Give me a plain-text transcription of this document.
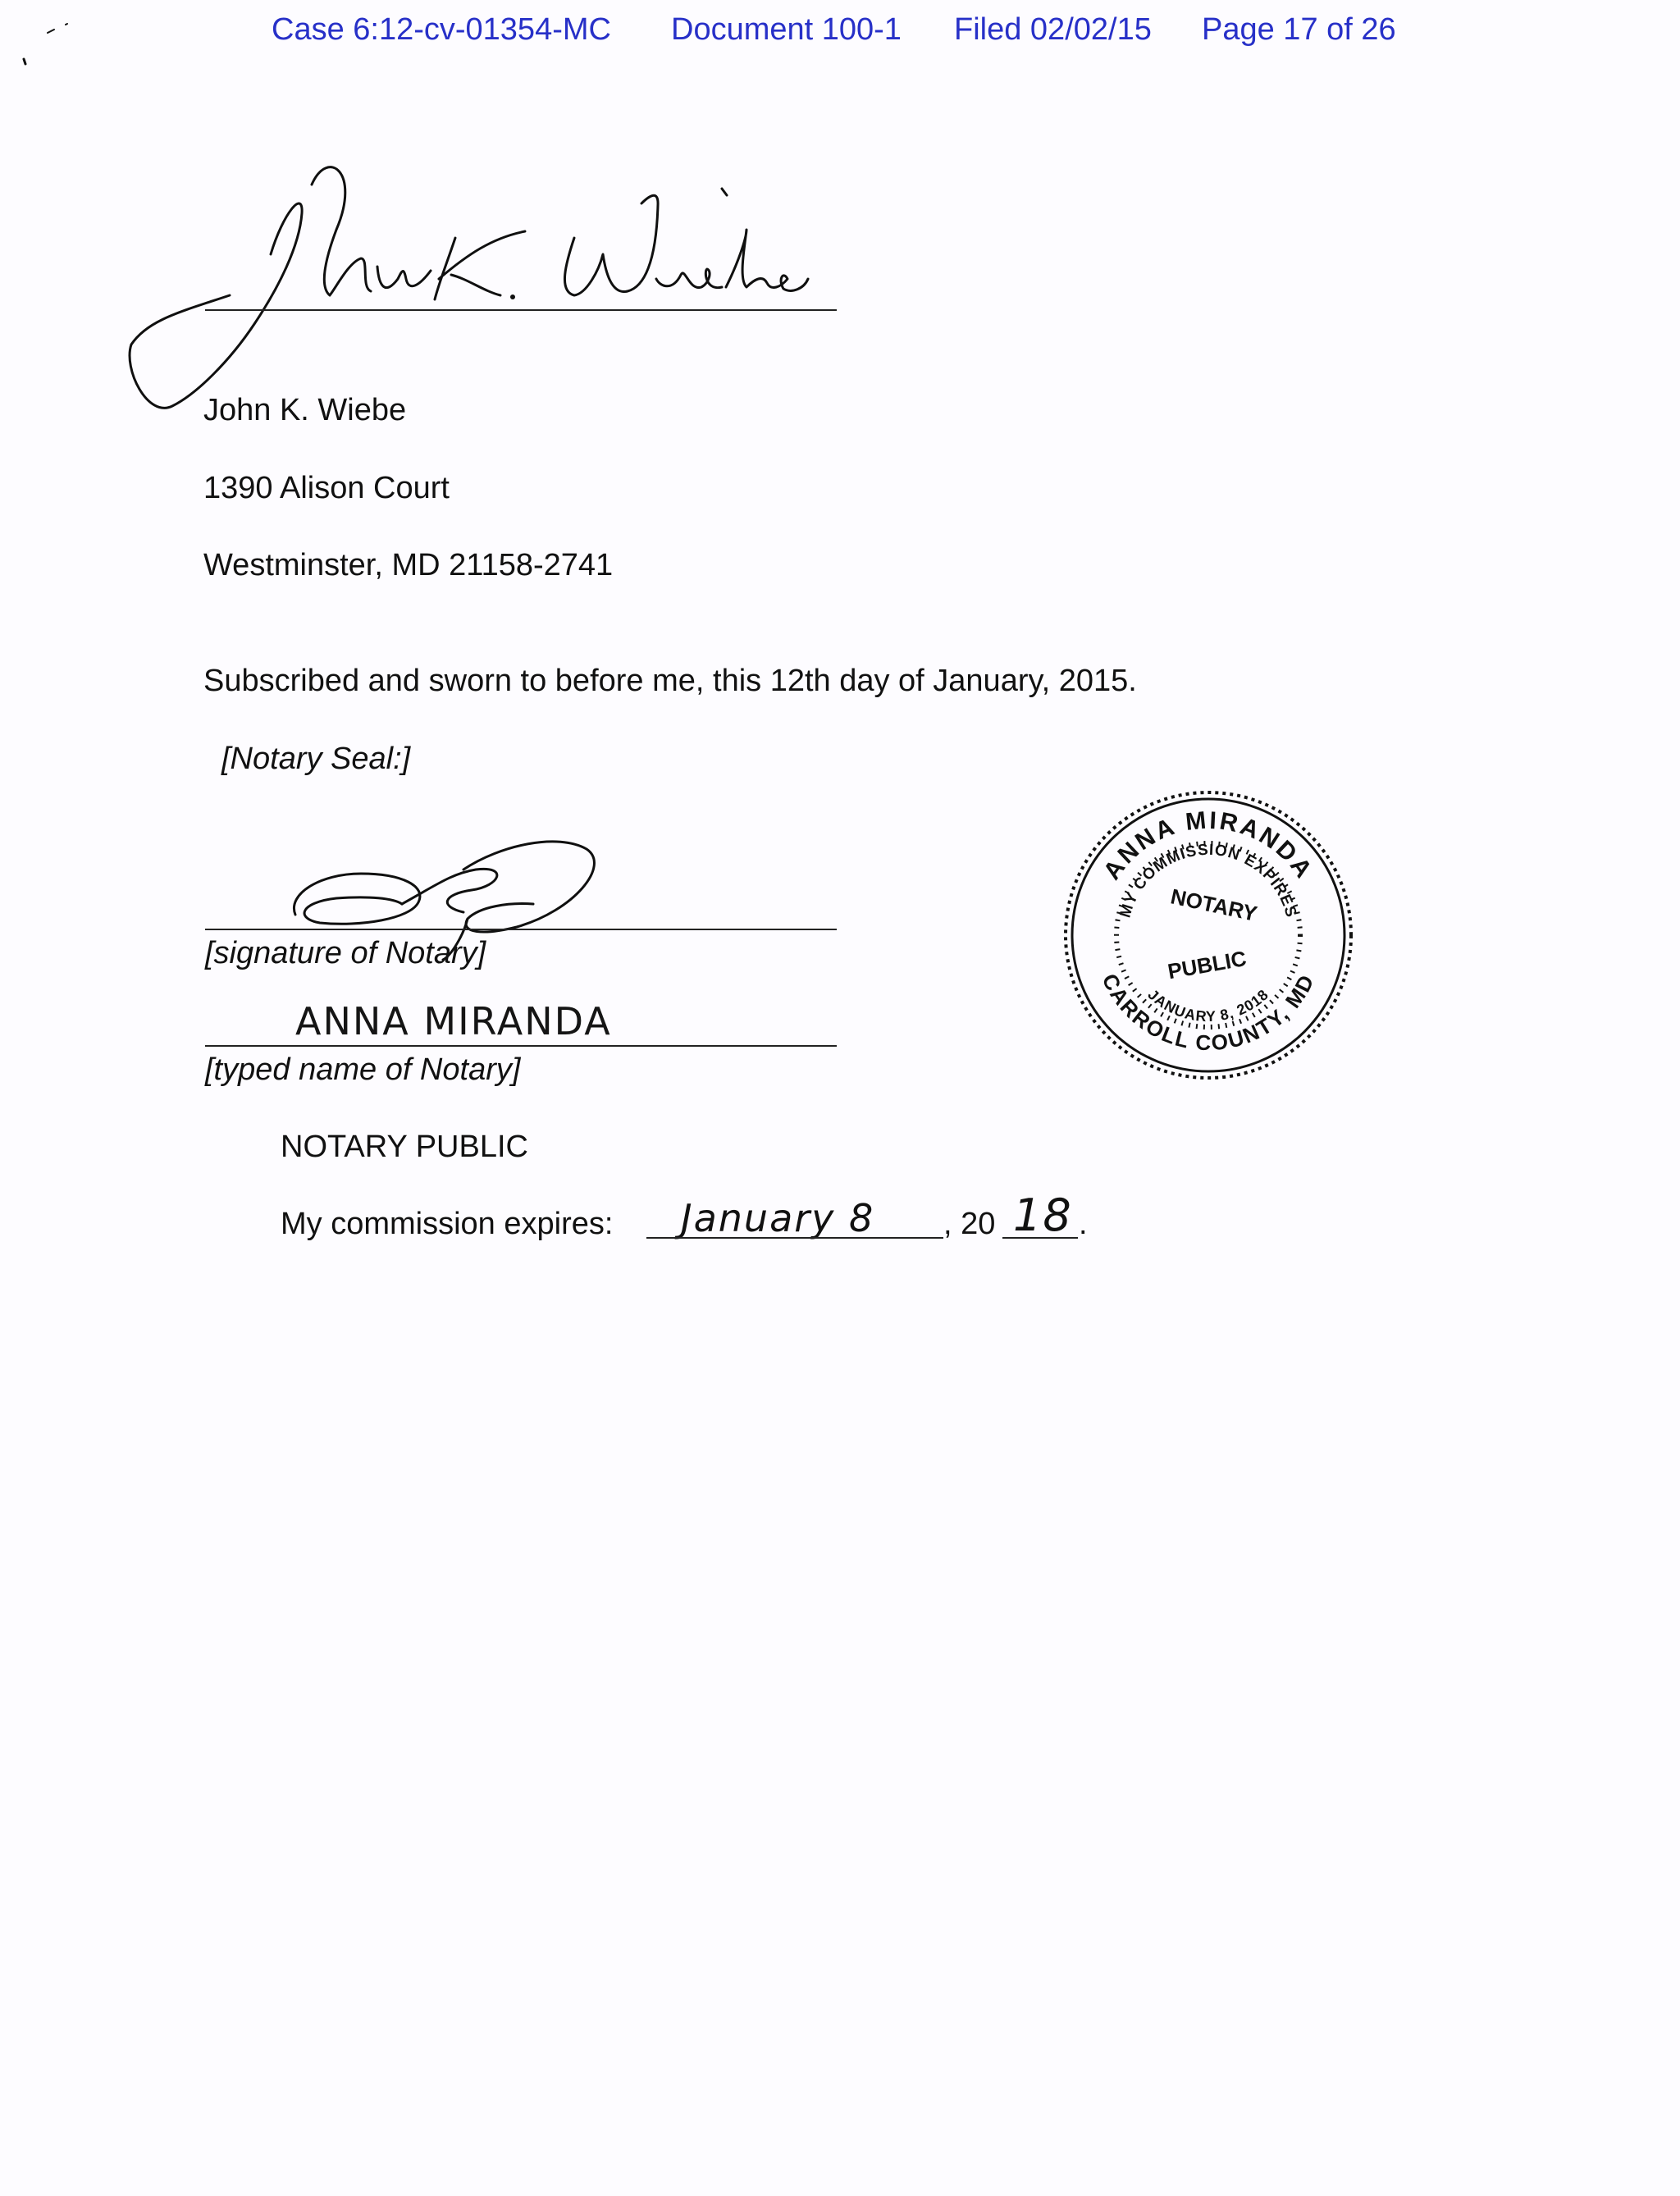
Case 6:12-cv-01354-MC Document 100-1 Filed 02/02/15 Page 17 of 26
John K. Wiebe
1390 Alison Court
Westminster, MD 21158-2741
Subscribed and sworn to before me, this 12th day of January, 2015.
[Notary Seal:]
[signature of Notary]
ANNA MIRANDA
[typed name of Notary]
NOTARY PUBLIC
My commission expires: January 8 , 20 18 .
ANNA MIRANDA
CARROLL COUNTY, MD
MY COMMISSION EXPIRES
JANUARY 8, 2018
NOTARY
PUBLIC
